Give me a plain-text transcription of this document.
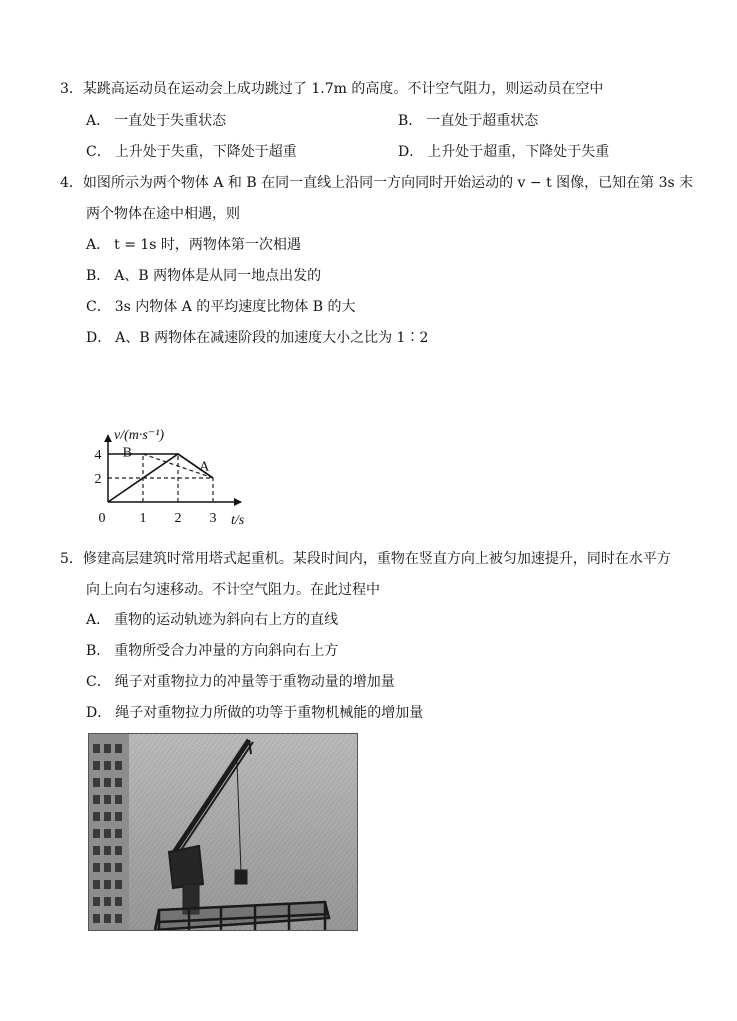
3．某跳高运动员在运动会上成功跳过了 1.7m 的高度。不计空气阻力，则运动员在空中
A． 一直处于失重状态	B． 一直处于超重状态
C． 上升处于失重，下降处于超重	D． 上升处于超重，下降处于失重
4．如图所示为两个物体 A 和 B 在同一直线上沿同一方向同时开始运动的 v − t 图像，已知在第 3s 末
两个物体在途中相遇，则
A． t = 1s 时，两物体第一次相遇
B． A、B 两物体是从同一地点出发的
C． 3s 内物体 A 的平均速度比物体 B 的大
D． A、B 两物体在减速阶段的加速度大小之比为 1∶2
B
A
0 1 2 3
2
4
v/(m·s⁻¹)
t/s
5．修建高层建筑时常用塔式起重机。某段时间内，重物在竖直方向上被匀加速提升，同时在水平方
向上向右匀速移动。不计空气阻力。在此过程中
A． 重物的运动轨迹为斜向右上方的直线
B． 重物所受合力冲量的方向斜向右上方
C． 绳子对重物拉力的冲量等于重物动量的增加量
D． 绳子对重物拉力所做的功等于重物机械能的增加量
